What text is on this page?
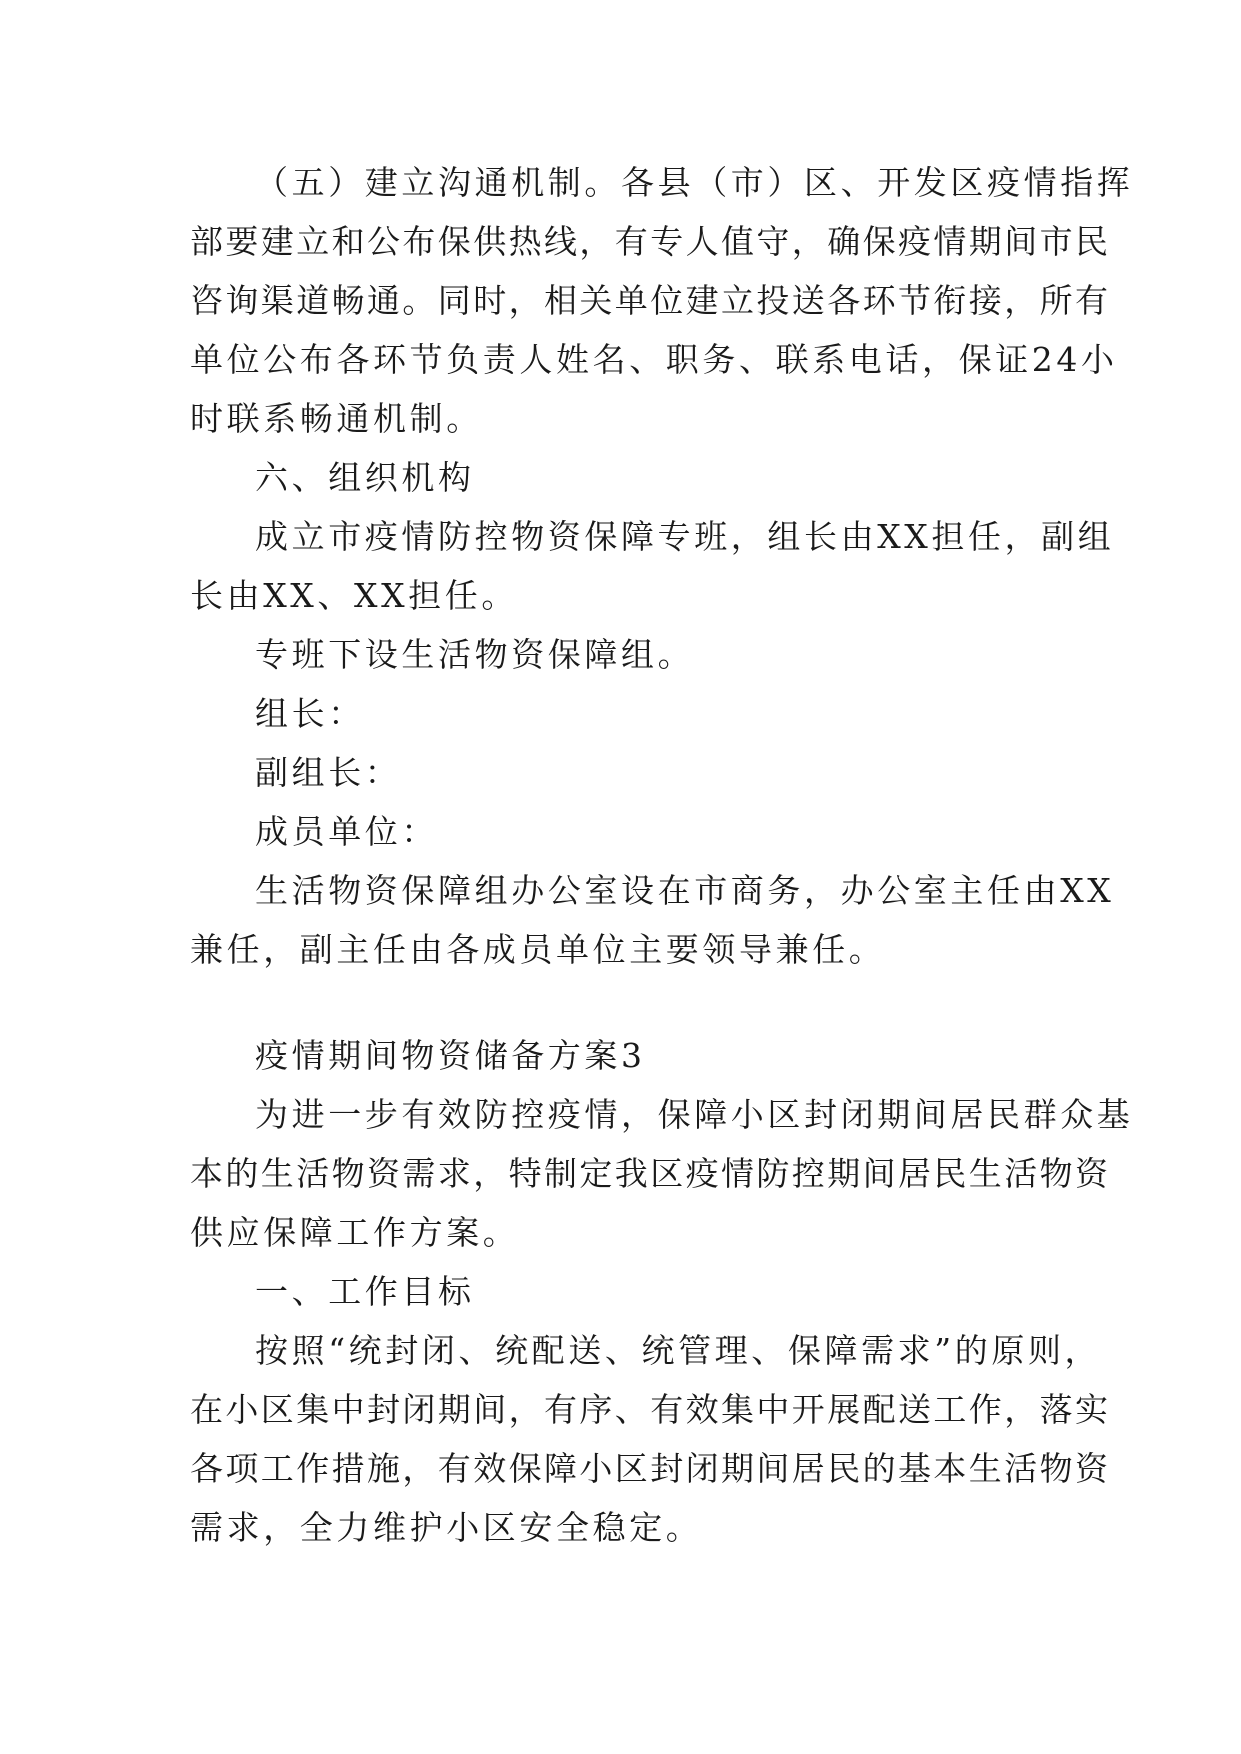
（五）建立沟通机制。各县（市）区、开发区疫情指挥
部要建立和公布保供热线，有专人值守，确保疫情期间市民
咨询渠道畅通。同时，相关单位建立投送各环节衔接，所有
单位公布各环节负责人姓名、职务、联系电话，保证24小
时联系畅通机制。
六、组织机构
成立市疫情防控物资保障专班，组长由XX担任，副组
长由XX、XX担任。
专班下设生活物资保障组。
组长：
副组长：
成员单位：
生活物资保障组办公室设在市商务，办公室主任由XX
兼任，副主任由各成员单位主要领导兼任。
疫情期间物资储备方案3
为进一步有效防控疫情，保障小区封闭期间居民群众基
本的生活物资需求，特制定我区疫情防控期间居民生活物资
供应保障工作方案。
一、工作目标
按照“统封闭、统配送、统管理、保障需求”的原则，
在小区集中封闭期间，有序、有效集中开展配送工作，落实
各项工作措施，有效保障小区封闭期间居民的基本生活物资
需求，全力维护小区安全稳定。
